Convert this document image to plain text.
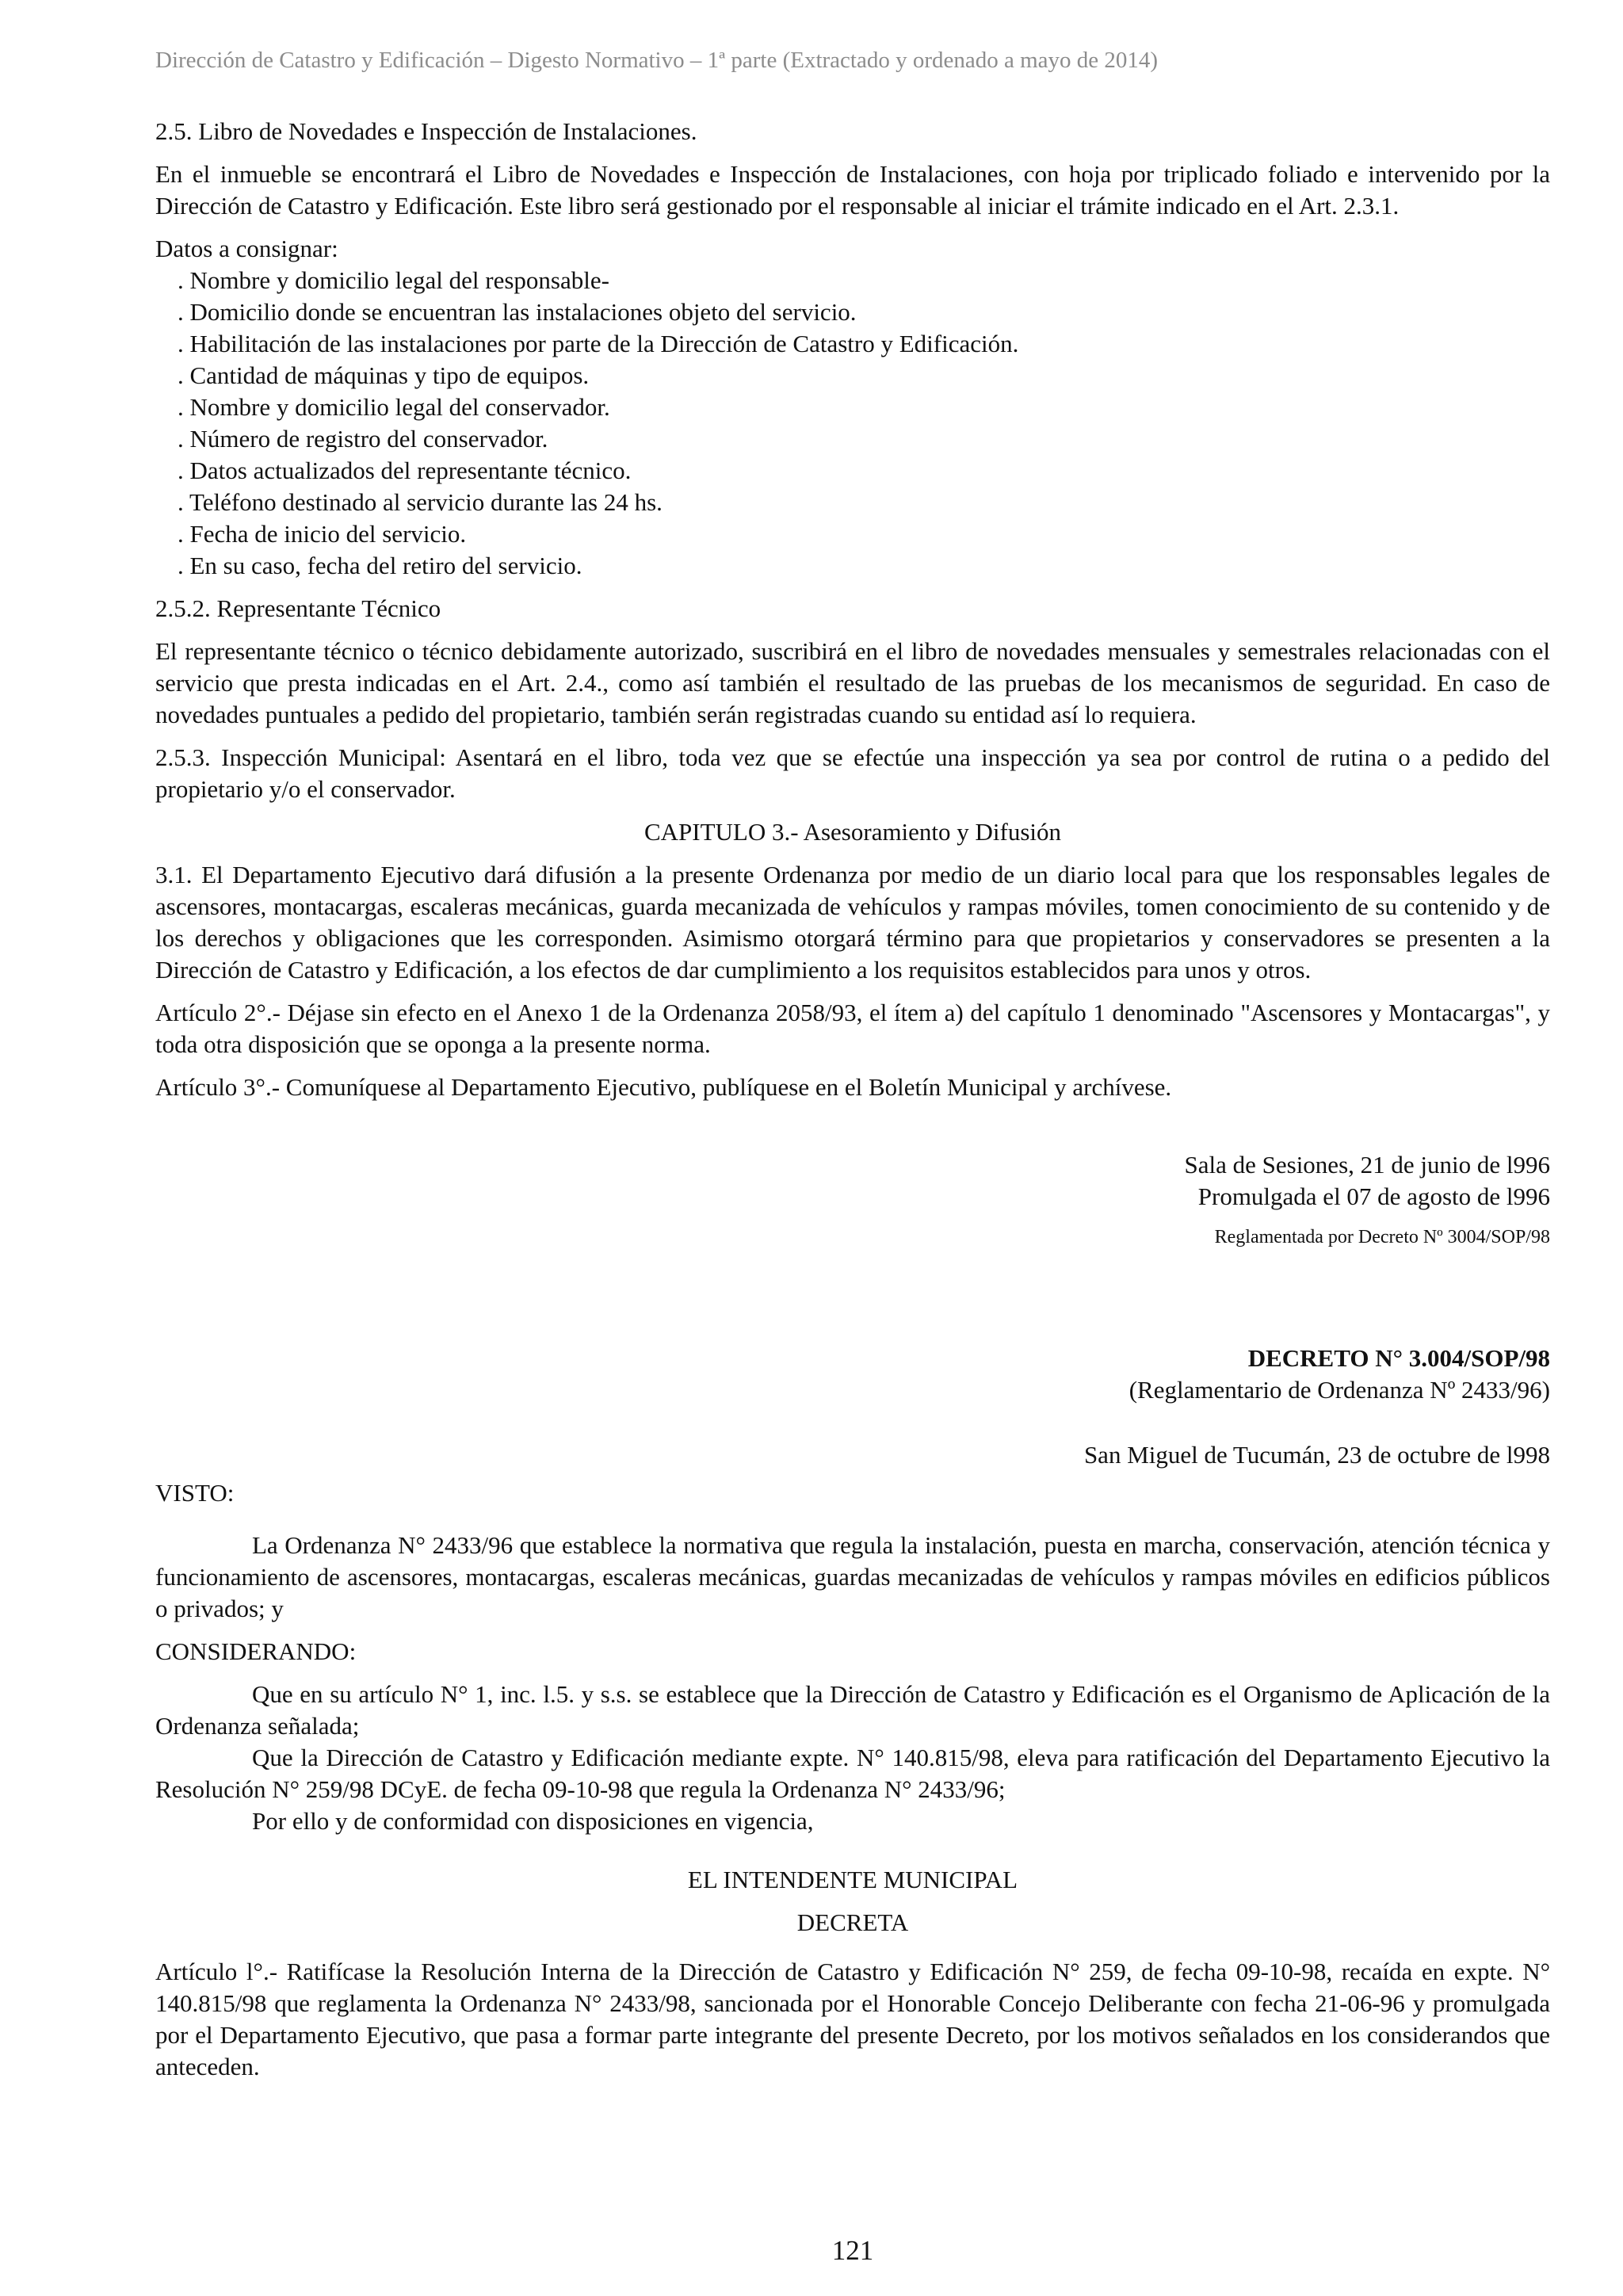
Dirección de Catastro y Edificación – Digesto Normativo – 1ª parte (Extractado y ordenado a mayo de 2014)

2.5. Libro de Novedades e Inspección de Instalaciones.

En el inmueble se encontrará el Libro de Novedades e Inspección de Instalaciones, con hoja por triplicado foliado e intervenido por la Dirección de Catastro y Edificación. Este libro será gestionado por el responsable al iniciar el trámite indicado en el Art. 2.3.1.

Datos a consignar:

. Nombre y domicilio legal del responsable-

. Domicilio donde se encuentran las instalaciones objeto del servicio.

. Habilitación de las instalaciones por parte de la Dirección de Catastro y Edificación.

. Cantidad de máquinas y tipo de equipos.

. Nombre y domicilio legal del conservador.

. Número de registro del conservador.

. Datos actualizados del representante técnico.

. Teléfono destinado al servicio durante las 24 hs.

. Fecha de inicio del servicio.

. En su caso, fecha del retiro del servicio.

2.5.2. Representante Técnico

El representante técnico o técnico debidamente autorizado, suscribirá en el libro de novedades mensuales y semestrales relacionadas con el servicio que presta indicadas en el Art. 2.4., como así también el resultado de las pruebas de los mecanismos de seguridad. En caso de novedades puntuales a pedido del propietario, también serán registradas cuando su entidad así lo requiera.

2.5.3. Inspección Municipal: Asentará en el libro, toda vez que se efectúe una inspección ya sea por control de rutina o a pedido del propietario y/o el conservador.

CAPITULO 3.- Asesoramiento y Difusión

3.1. El Departamento Ejecutivo dará difusión a la presente Ordenanza por medio de un diario local para que los responsables legales de ascensores, montacargas, escaleras mecánicas, guarda mecanizada de vehículos y rampas móviles, tomen conocimiento de su contenido y de los derechos y obligaciones que les corresponden. Asimismo otorgará término para que propietarios y conservadores se presenten a la Dirección de Catastro y Edificación, a los efectos de dar cumplimiento a los requisitos establecidos para unos y otros.

Artículo 2°.- Déjase sin efecto en el Anexo 1 de la Ordenanza 2058/93, el ítem a) del capítulo 1 denominado "Ascensores y Montacargas", y toda otra disposición que se oponga a la presente norma.

Artículo 3°.- Comuníquese al Departamento Ejecutivo, publíquese en el Boletín Municipal y archívese.

Sala de Sesiones, 21 de junio de l996

Promulgada el 07 de agosto de l996

Reglamentada por Decreto Nº 3004/SOP/98

DECRETO N° 3.004/SOP/98

(Reglamentario de Ordenanza Nº 2433/96)

San Miguel de Tucumán, 23 de octubre de l998

VISTO:

La Ordenanza N° 2433/96 que establece la normativa que regula la instalación, puesta en marcha, conservación, atención técnica y funcionamiento de ascensores, montacargas, escaleras mecánicas, guardas mecanizadas de vehículos y rampas móviles en edificios públicos o privados; y

CONSIDERANDO:

Que en su artículo N° 1, inc. l.5. y s.s. se establece que la Dirección de Catastro y Edificación es el Organismo de Aplicación de la Ordenanza señalada;

Que la Dirección de Catastro y Edificación mediante expte. N° 140.815/98, eleva para ratificación del Departamento Ejecutivo la Resolución N° 259/98 DCyE. de fecha 09-10-98 que regula la Ordenanza N° 2433/96;

Por ello y de conformidad con disposiciones en vigencia,

EL INTENDENTE MUNICIPAL

DECRETA

Artículo l°.- Ratifícase la Resolución Interna de la Dirección de Catastro y Edificación N° 259, de fecha 09-10-98, recaída en expte. N° 140.815/98 que reglamenta la Ordenanza N° 2433/98, sancionada por el Honorable Concejo Deliberante con fecha 21-06-96 y promulgada por el Departamento Ejecutivo, que pasa a formar parte integrante del presente Decreto, por los motivos señalados en los considerandos que anteceden.

121
